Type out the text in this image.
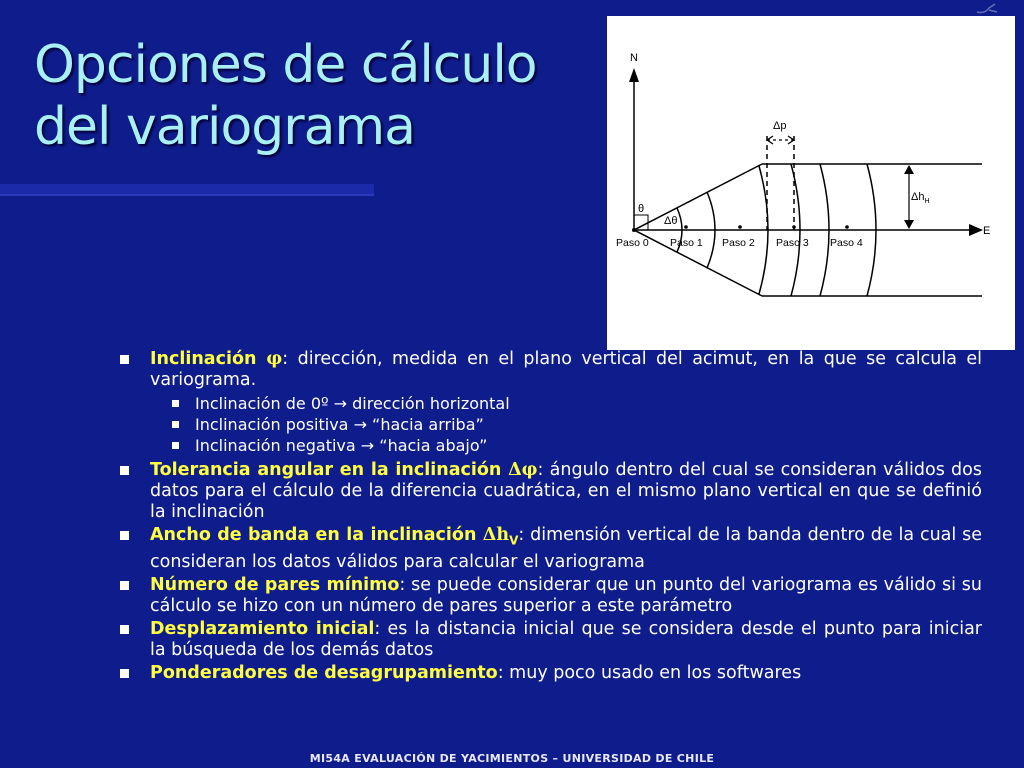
Opciones de cálculo
del variograma
N
E
θ
Δθ
Δp
$\Delta h_H$
Paso 0 Paso 1 Paso 2 Paso 3 Paso 4
Inclinación φ: dirección, medida en el plano vertical del acimut, en la que se calcula el variograma.
Inclinación de 0º → dirección horizontal
Inclinación positiva → “hacia arriba”
Inclinación negativa → “hacia abajo”
Tolerancia angular en la inclinación Δφ: ángulo dentro del cual se consideran válidos dos datos para el cálculo de la diferencia cuadrática, en el mismo plano vertical en que se definió la inclinación
Ancho de banda en la inclinación $\Delta h_V$: dimensión vertical de la banda dentro de la cual se consideran los datos válidos para calcular el variograma
Número de pares mínimo: se puede considerar que un punto del variograma es válido si su cálculo se hizo con un número de pares superior a este parámetro
Desplazamiento inicial: es la distancia inicial que se considera desde el punto para iniciar la búsqueda de los demás datos
Ponderadores de desagrupamiento: muy poco usado en los softwares
MI54A EVALUACIÓN DE YACIMIENTOS – UNIVERSIDAD DE CHILE
